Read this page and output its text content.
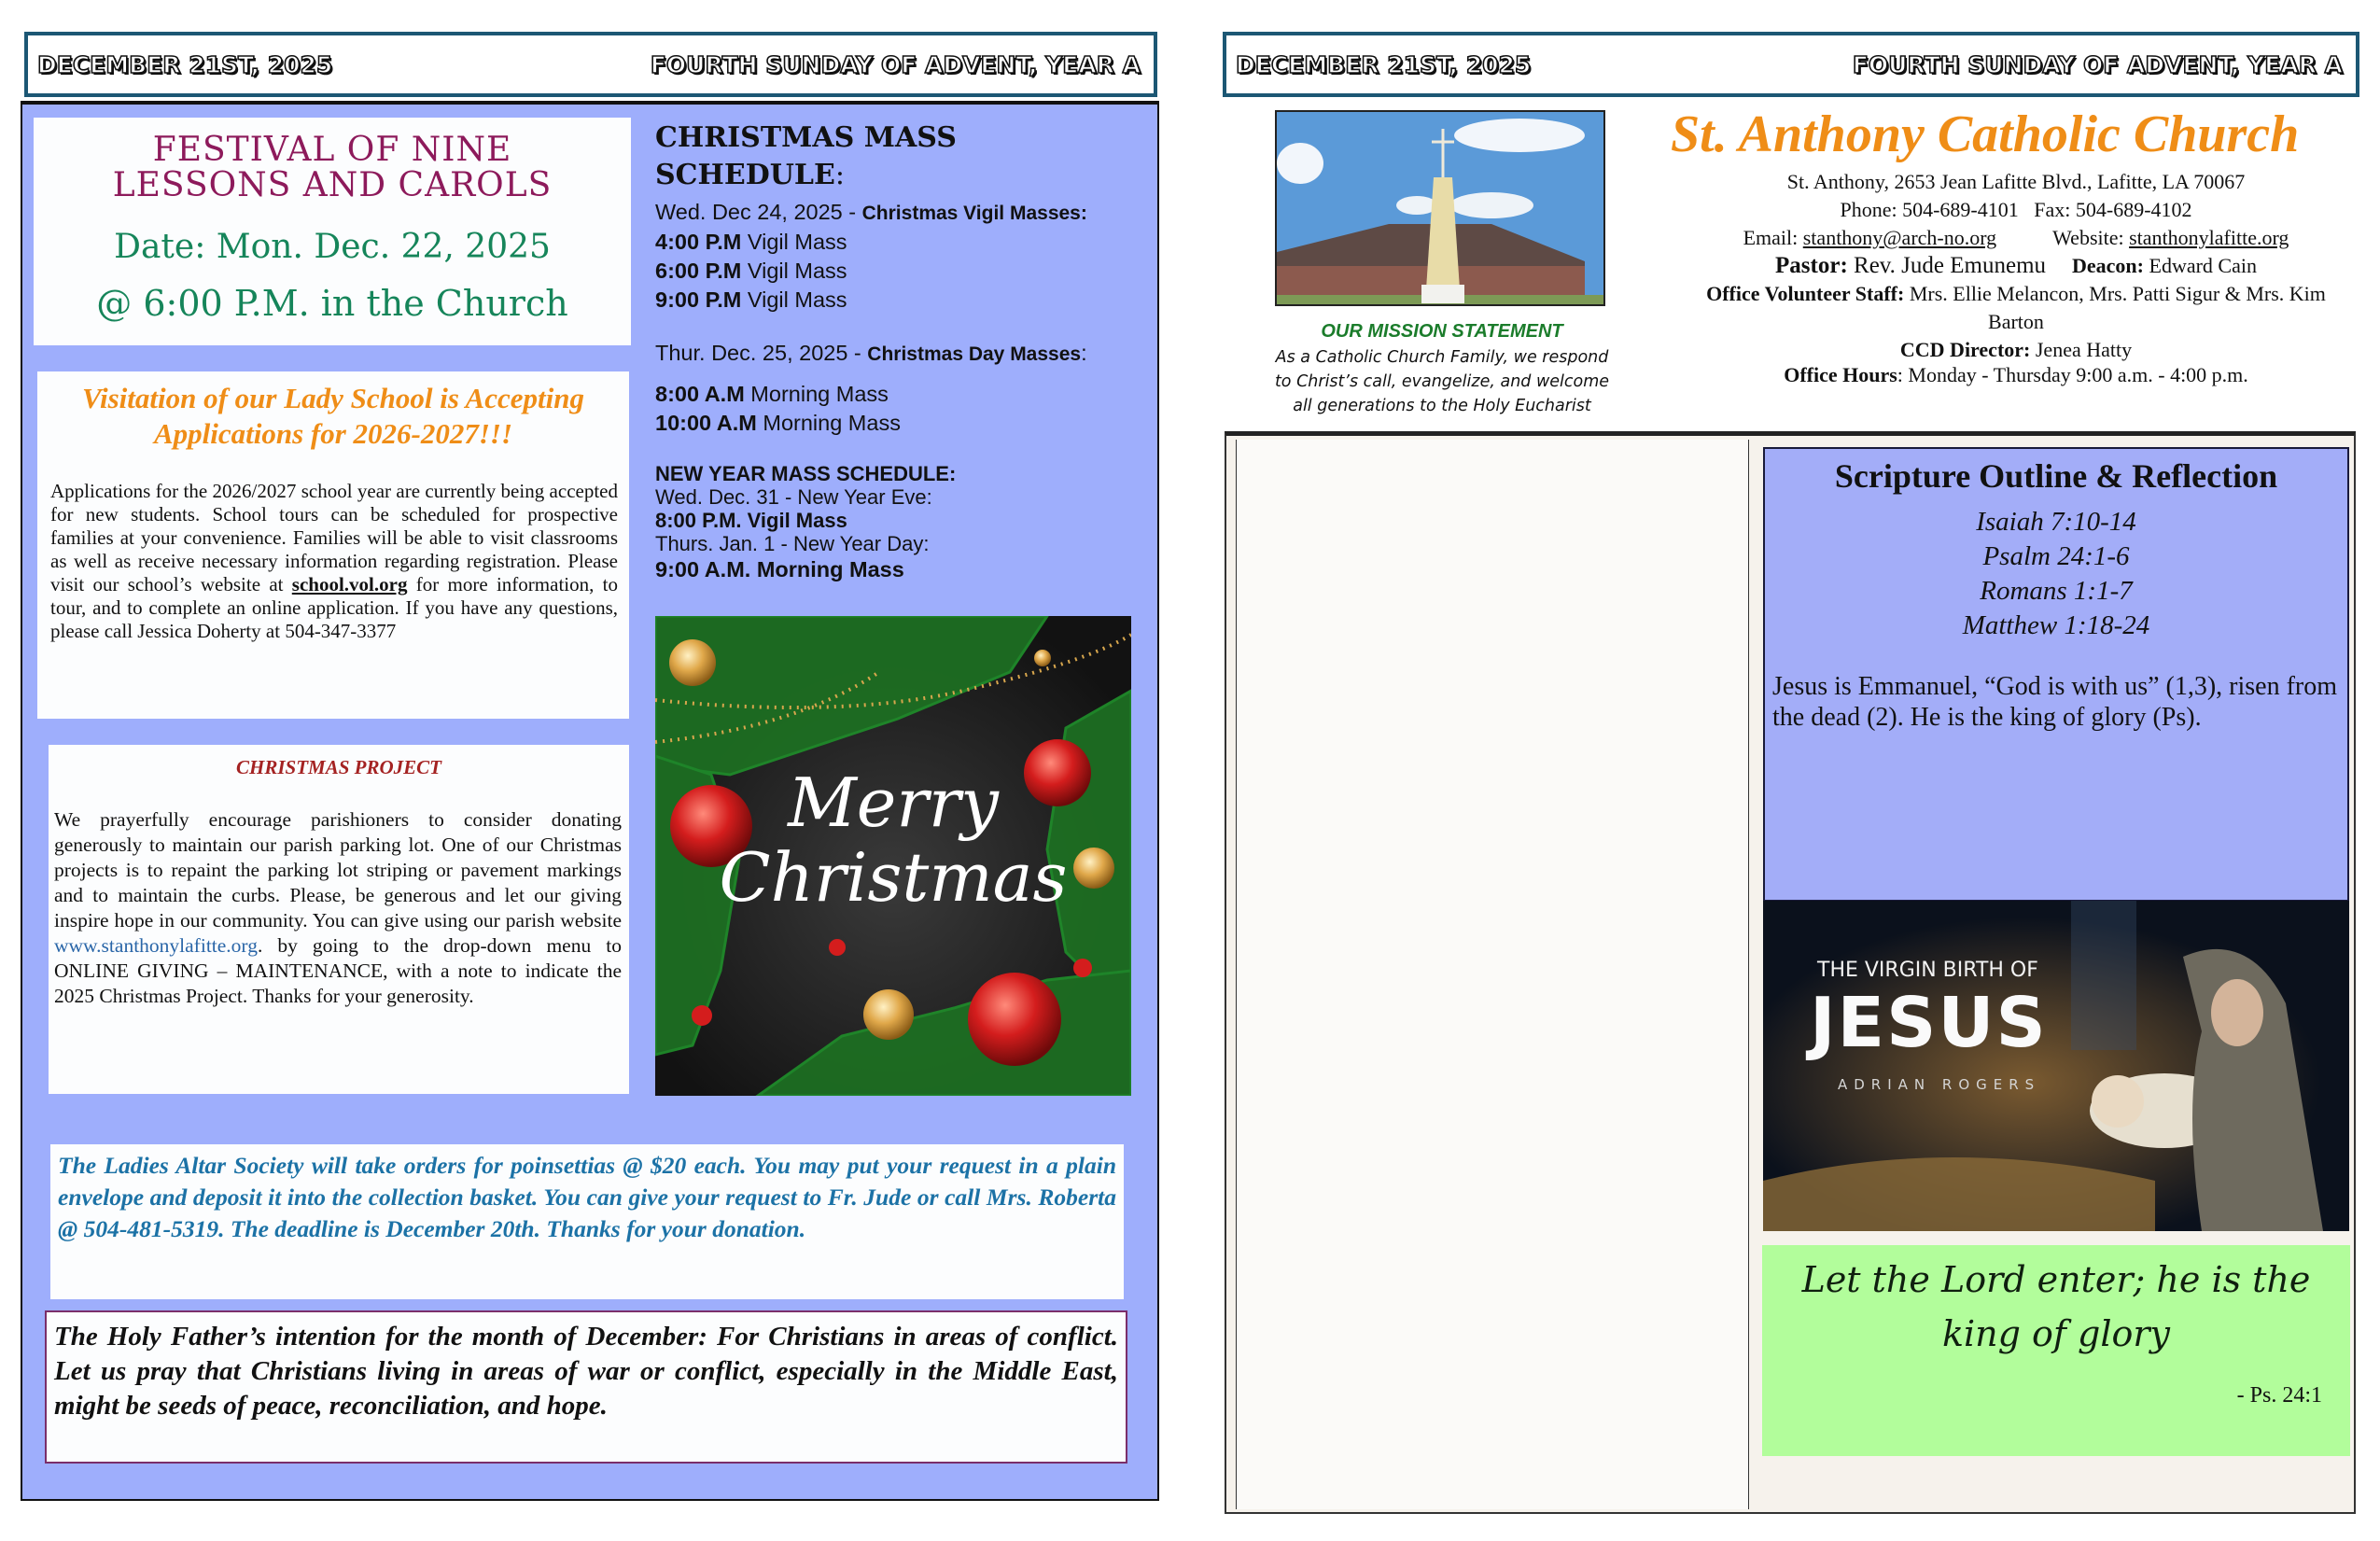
DECEMBER 21ST, 2025	FOURTH SUNDAY OF ADVENT, YEAR A
FESTIVAL OF NINE
LESSONS AND CAROLS
Date: Mon. Dec. 22, 2025
@ 6:00 P.M. in the Church
CHRISTMAS MASS SCHEDULE:
Wed. Dec 24, 2025 - Christmas Vigil Masses:
4:00 P.M Vigil Mass
6:00 P.M Vigil Mass
9:00 P.M Vigil Mass
Thur. Dec. 25, 2025 - Christmas Day Masses:
8:00 A.M Morning Mass
10:00 A.M Morning Mass
NEW YEAR MASS SCHEDULE:
Wed. Dec. 31 - New Year Eve:
8:00 P.M. Vigil Mass
Thurs. Jan. 1 - New Year Day:
9:00 A.M. Morning Mass
Visitation of our Lady School is Accepting
Applications for 2026-2027!!!
Applications for the 2026/2027 school year are currently being accepted for new students. School tours can be scheduled for prospective families at your convenience. Families will be able to visit classrooms as well as receive necessary information regarding registration. Please visit our school’s website at school.vol.org for more information, to tour, and to complete an online application. If you have any questions, please call Jessica Doherty at 504-347-3377
CHRISTMAS PROJECT
We prayerfully encourage parishioners to consider donating generously to maintain our parish parking lot. One of our Christmas projects is to repaint the parking lot striping or pavement markings and to maintain the curbs. Please, be generous and let our giving inspire hope in our community. You can give using our parish website www.stanthonylafitte.org. by going to the drop-down menu to ONLINE GIVING – MAINTENANCE, with a note to indicate the 2025 Christmas Project. Thanks for your generosity.
Merry
Christmas

The Ladies Altar Society will take orders for poinsettias @ $20 each. You may put your request in a plain envelope and deposit it into the collection basket. You can give your request to Fr. Jude or call Mrs. Roberta @ 504-481-5319. The deadline is December 20th. Thanks for your donation.

The Holy Father’s intention for the month of December: For Christians in areas of conflict. Let us pray that Christians living in areas of war or conflict, especially in the Middle East, might be seeds of peace, reconciliation, and hope.

DECEMBER 21ST, 2025	FOURTH SUNDAY OF ADVENT, YEAR A
OUR MISSION STATEMENT
As a Catholic Church Family, we respond
to Christ’s call, evangelize, and welcome
all generations to the Holy Eucharist
St. Anthony Catholic Church
St. Anthony, 2653 Jean Lafitte Blvd., Lafitte, LA 70067
Phone: 504-689-4101   Fax: 504-689-4102
Email: stanthony@arch-no.org	Website: stanthonylafitte.org
Pastor: Rev. Jude Emunemu Deacon: Edward Cain
Office Volunteer Staff: Mrs. Ellie Melancon, Mrs. Patti Sigur & Mrs. Kim Barton
CCD Director: Jenea Hatty
Office Hours: Monday - Thursday 9:00 a.m. - 4:00 p.m.
Scripture Outline & Reflection
Isaiah 7:10-14
Psalm 24:1-6
Romans 1:1-7
Matthew 1:18-24
Jesus is Emmanuel, “God is with us” (1,3), risen from the dead (2). He is the king of glory (Ps).
THE VIRGIN BIRTH OF
JESUS
ADRIAN ROGERS
Let the Lord enter; he is the king of glory
- Ps. 24:1
